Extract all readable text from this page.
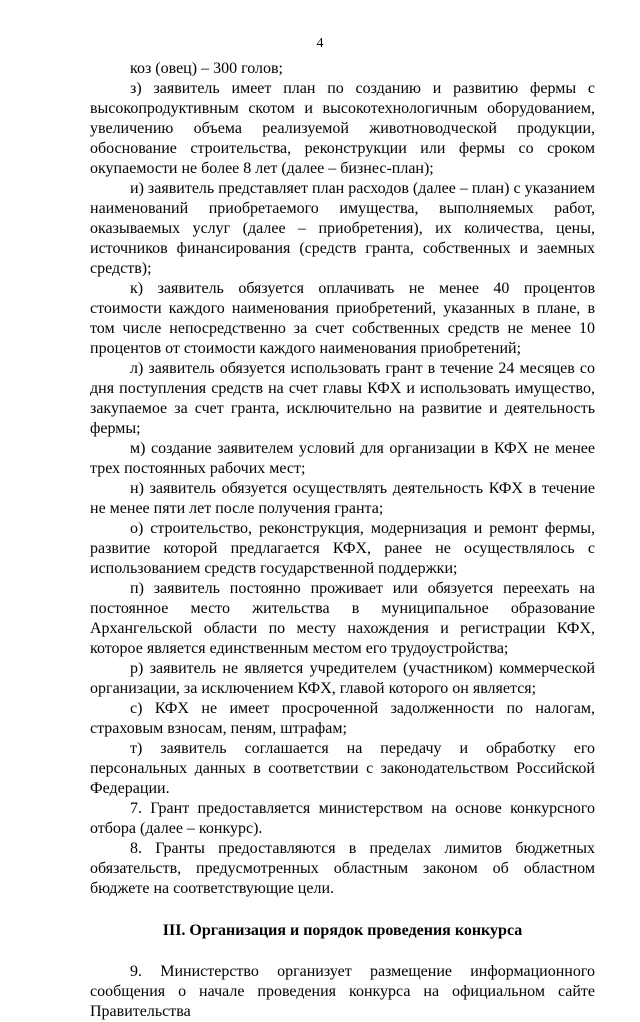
4

коз (овец) – 300 голов;

з) заявитель имеет план по созданию и развитию фермы с высокопродуктивным скотом и высокотехнологичным оборудованием, увеличению объема реализуемой животноводческой продукции, обоснование строительства, реконструкции или фермы со сроком окупаемости не более 8 лет (далее – бизнес-план);

и) заявитель представляет план расходов (далее – план) с указанием наименований приобретаемого имущества, выполняемых работ, оказываемых услуг (далее – приобретения), их количества, цены, источников финансирования (средств гранта, собственных и заемных средств);

к) заявитель обязуется оплачивать не менее 40 процентов стоимости каждого наименования приобретений, указанных в плане, в том числе непосредственно за счет собственных средств не менее 10 процентов от стоимости каждого наименования приобретений;

л) заявитель обязуется использовать грант в течение 24 месяцев со дня поступления средств на счет главы КФХ и использовать имущество, закупаемое за счет гранта, исключительно на развитие и деятельность фермы;

м) создание заявителем условий для организации в КФХ не менее трех постоянных рабочих мест;

н) заявитель обязуется осуществлять деятельность КФХ в течение не менее пяти лет после получения гранта;

о) строительство, реконструкция, модернизация и ремонт фермы, развитие которой предлагается КФХ, ранее не осуществлялось с использованием средств государственной поддержки;

п) заявитель постоянно проживает или обязуется переехать на постоянное место жительства в муниципальное образование Архангельской области по месту нахождения и регистрации КФХ, которое является единственным местом его трудоустройства;

р) заявитель не является учредителем (участником) коммерческой организации, за исключением КФХ, главой которого он является;

с) КФХ не имеет просроченной задолженности по налогам, страховым взносам, пеням, штрафам;

т) заявитель соглашается на передачу и обработку его персональных данных в соответствии с законодательством Российской Федерации.

7. Грант предоставляется министерством на основе конкурсного отбора (далее – конкурс).

8. Гранты предоставляются в пределах лимитов бюджетных обязательств, предусмотренных областным законом об областном бюджете на соответствующие цели.

III. Организация и порядок проведения конкурса

9. Министерство организует размещение информационного сообщения о начале проведения конкурса на официальном сайте Правительства
